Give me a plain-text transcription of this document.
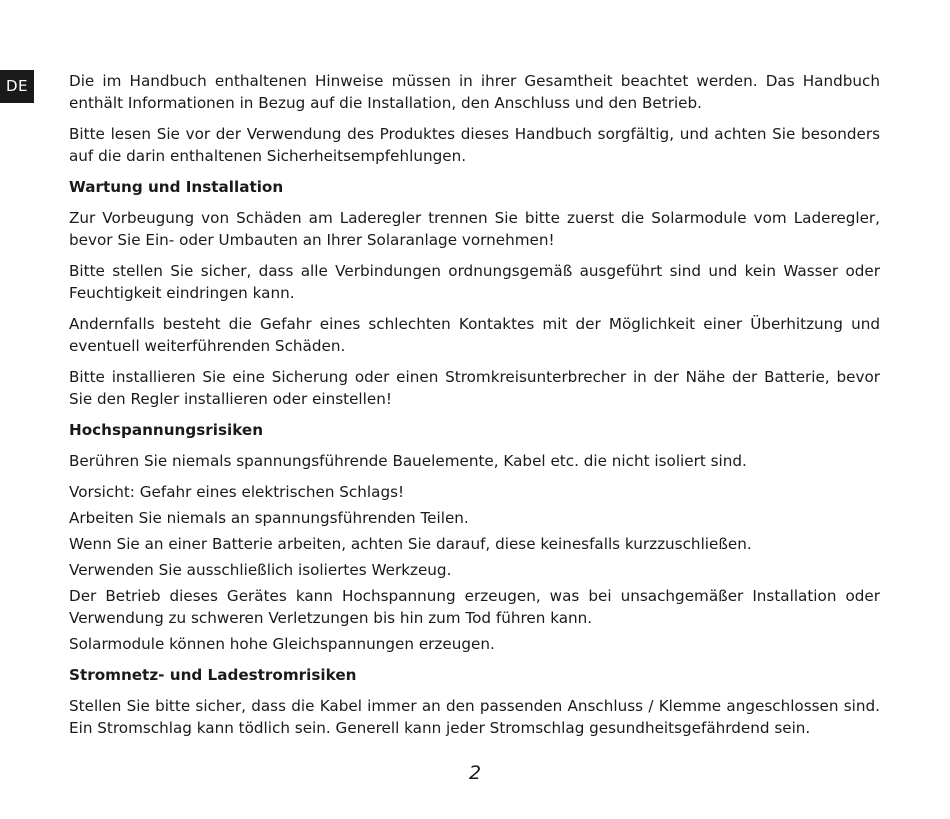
DE	Die im Handbuch enthaltenen Hinweise müssen in ihrer Gesamtheit beachtet werden. Das Handbuch enthält Informationen in Bezug auf die Installation, den Anschluss und den Betrieb.

Bitte lesen Sie vor der Verwendung des Produktes dieses Handbuch sorgfältig, und achten Sie besonders auf die darin enthaltenen Sicherheitsempfehlungen.

Wartung und Installation

Zur Vorbeugung von Schäden am Laderegler trennen Sie bitte zuerst die Solarmodule vom Laderegler, bevor Sie Ein- oder Umbauten an Ihrer Solaranlage vornehmen!

Bitte stellen Sie sicher, dass alle Verbindungen ordnungsgemäß ausgeführt sind und kein Wasser oder Feuchtigkeit eindringen kann.

Andernfalls besteht die Gefahr eines schlechten Kontaktes mit der Möglichkeit einer Überhitzung und eventuell weiterführenden Schäden.

Bitte installieren Sie eine Sicherung oder einen Stromkreisunterbrecher in der Nähe der Batterie, bevor Sie den Regler installieren oder einstellen!

Hochspannungsrisiken

Berühren Sie niemals spannungsführende Bauelemente, Kabel etc. die nicht isoliert sind.

Vorsicht: Gefahr eines elektrischen Schlags!

Arbeiten Sie niemals an spannungsführenden Teilen.

Wenn Sie an einer Batterie arbeiten, achten Sie darauf, diese keinesfalls kurzzuschließen.

Verwenden Sie ausschließlich isoliertes Werkzeug.

Der Betrieb dieses Gerätes kann Hochspannung erzeugen, was bei unsachgemäßer Installation oder Verwendung zu schweren Verletzungen bis hin zum Tod führen kann.

Solarmodule können hohe Gleichspannungen erzeugen.

Stromnetz- und Ladestromrisiken

Stellen Sie bitte sicher, dass die Kabel immer an den passenden Anschluss / Klemme angeschlossen sind. Ein Stromschlag kann tödlich sein. Generell kann jeder Stromschlag gesundheitsgefährdend sein.

2
